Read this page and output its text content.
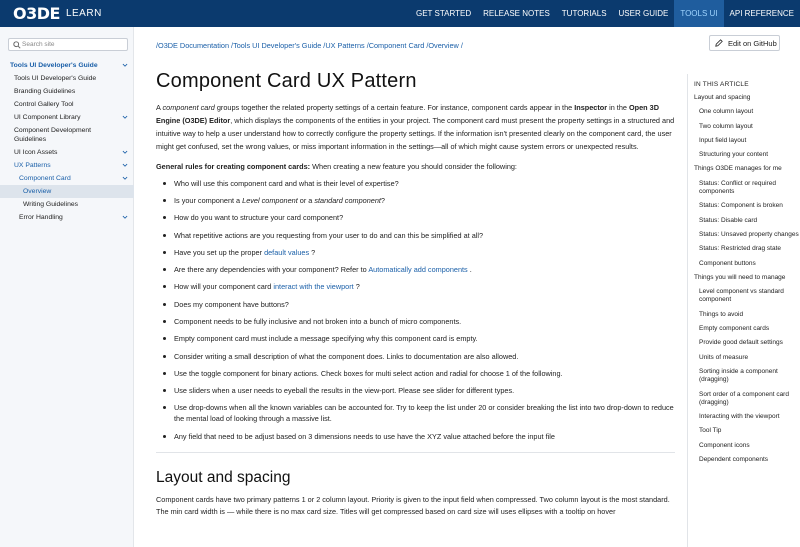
O3DE LEARN	GET STARTED	RELEASE NOTES	TUTORIALS	USER GUIDE	TOOLS UI	API REFERENCE
Search site
Tools UI Developer's Guide
Tools UI Developer's Guide
Branding Guidelines
Control Gallery Tool
UI Component Library
Component Development Guidelines
UI Icon Assets
UX Patterns
Component Card
Overview
Writing Guidelines
Error Handling
/O3DE Documentation /Tools UI Developer's Guide /UX Patterns /Component Card /Overview /	Edit on GitHub
Component Card UX Pattern

A component card groups together the related property settings of a certain feature. For instance, component cards appear in the Inspector in the Open 3D Engine (O3DE) Editor, which displays the components of the entities in your project. The component card must present the property settings in a structured and intuitive way to help a user understand how to correctly configure the property settings. If the information isn't presented clearly on the component card, the user might get confused, set the wrong values, or miss important information in the settings—all of which might cause system errors or unexpected results.

General rules for creating component cards: When creating a new feature you should consider the following:

Who will use this component card and what is their level of expertise?
Is your component a Level component or a standard component?
How do you want to structure your card component?
What repetitive actions are you requesting from your user to do and can this be simplified at all?
Have you set up the proper default values ?
Are there any dependencies with your component? Refer to Automatically add components .
How will your component card interact with the viewport ?
Does my component have buttons?
Component needs to be fully inclusive and not broken into a bunch of micro components.
Empty component card must include a message specifying why this component card is empty.
Consider writing a small description of what the component does. Links to documentation are also allowed.
Use the toggle component for binary actions. Check boxes for multi select action and radial for choose 1 of the following.
Use sliders when a user needs to eyeball the results in the view-port. Please see slider for different types.
Use drop-downs when all the known variables can be accounted for. Try to keep the list under 20 or consider breaking the list into two drop-down to reduce the mental load of looking through a massive list.
Any field that need to be adjust based on 3 dimensions needs to use have the XYZ value attached before the input file
Layout and spacing

Component cards have two primary patterns 1 or 2 column layout. Priority is given to the input field when compressed. Two column layout is the most standard. The min card width is — while there is no max card size. Titles will get compressed based on card size will uses ellipses with a tooltip on hover

IN THIS ARTICLE
Layout and spacing
One column layout
Two column layout
Input field layout
Structuring your content
Things O3DE manages for me
Status: Conflict or required components
Status: Component is broken
Status: Disable card
Status: Unsaved property changes
Status: Restricted drag state
Component buttons
Things you will need to manage
Level component vs standard component
Things to avoid
Empty component cards
Provide good default settings
Units of measure
Sorting inside a component (dragging)
Sort order of a component card (dragging)
Interacting with the viewport
Tool Tip
Component icons
Dependent components
